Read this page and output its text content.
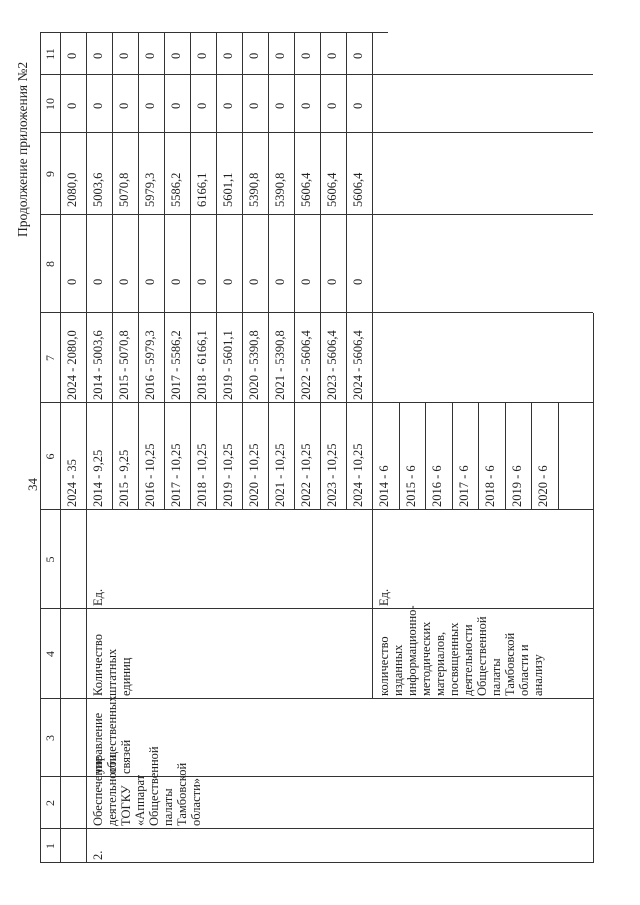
34
Продолжение приложения №2
1
2
3
4
5
6
7
8
9
10
11
2024 - 35
2024 - 2080,0
0
2080,0
0
0
2.
Обеспечение деятельности ТОГКУ «Аппарат Общественной палаты Тамбовской области»
управление общественных связей
Количество штатных единиц
Ед.
2014 - 9,25
2014 - 5003,6
0
5003,6
0
0
2015 - 9,25
2015 - 5070,8
0
5070,8
0
0
2016 - 10,25
2016 - 5979,3
0
5979,3
0
0
2017 - 10,25
2017 - 5586,2
0
5586,2
0
0
2018 - 10,25
2018 - 6166,1
0
6166,1
0
0
2019 - 10,25
2019 - 5601,1
0
5601,1
0
0
2020 - 10,25
2020 - 5390,8
0
5390,8
0
0
2021 - 10,25
2021 - 5390,8
0
5390,8
0
0
2022 - 10,25
2022 - 5606,4
0
5606,4
0
0
2023 - 10,25
2023 - 5606,4
0
5606,4
0
0
2024 - 10,25
2024 - 5606,4
0
5606,4
0
0
количество изданных информационно-методических материалов, посвященных деятельности Общественной палаты Тамбовской области и анализу
Ед.
2014 - 6 2015 - 6 2016 - 6 2017 - 6 2018 - 6 2019 - 6 2020 - 6
